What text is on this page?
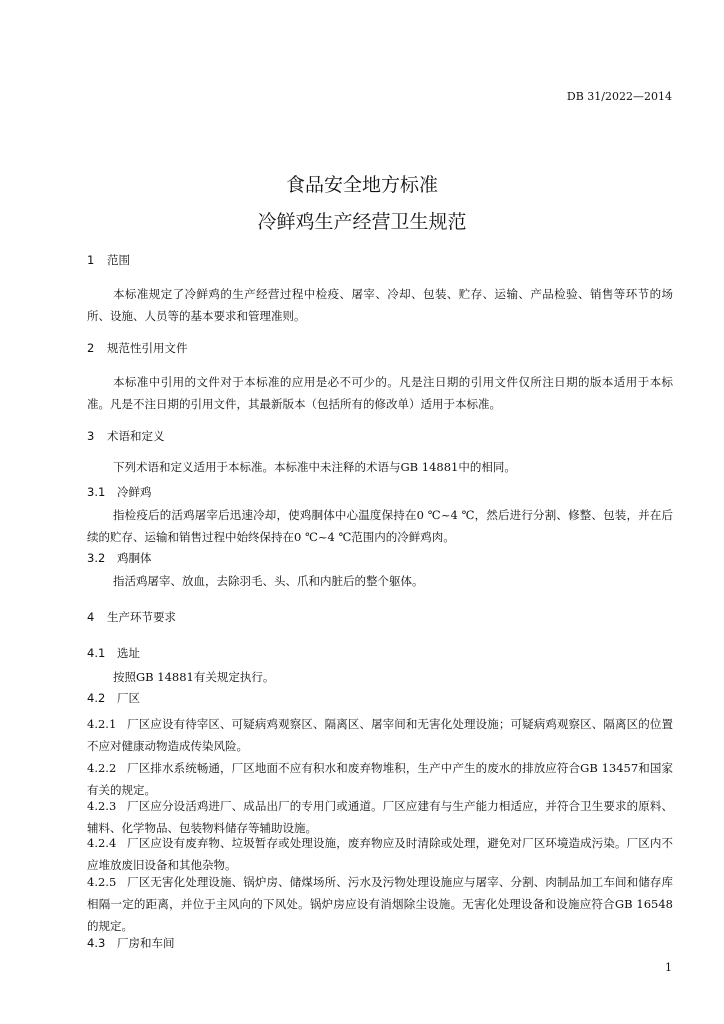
DB 31/2022—2014
食品安全地方标准
冷鲜鸡生产经营卫生规范
1 范围
本标准规定了冷鲜鸡的生产经营过程中检疫、屠宰、冷却、包装、贮存、运输、产品检验、销售等环节的场所、设施、人员等的基本要求和管理准则。
2 规范性引用文件
本标准中引用的文件对于本标准的应用是必不可少的。凡是注日期的引用文件仅所注日期的版本适用于本标准。凡是不注日期的引用文件，其最新版本（包括所有的修改单）适用于本标准。
3 术语和定义
下列术语和定义适用于本标准。本标准中未注释的术语与GB 14881中的相同。
3.1 冷鲜鸡
指检疫后的活鸡屠宰后迅速冷却，使鸡胴体中心温度保持在0 ℃~4 ℃，然后进行分割、修整、包装，并在后续的贮存、运输和销售过程中始终保持在0 ℃~4 ℃范围内的冷鲜鸡肉。
3.2 鸡胴体
指活鸡屠宰、放血，去除羽毛、头、爪和内脏后的整个躯体。
4 生产环节要求
4.1 选址
按照GB 14881有关规定执行。
4.2 厂区
4.2.1 厂区应设有待宰区、可疑病鸡观察区、隔离区、屠宰间和无害化处理设施；可疑病鸡观察区、隔离区的位置不应对健康动物造成传染风险。
4.2.2 厂区排水系统畅通，厂区地面不应有积水和废弃物堆积，生产中产生的废水的排放应符合GB 13457和国家有关的规定。
4.2.3 厂区应分设活鸡进厂、成品出厂的专用门或通道。厂区应建有与生产能力相适应，并符合卫生要求的原料、辅料、化学物品、包装物料储存等辅助设施。
4.2.4 厂区应设有废弃物、垃圾暂存或处理设施，废弃物应及时清除或处理，避免对厂区环境造成污染。厂区内不应堆放废旧设备和其他杂物。
4.2.5 厂区无害化处理设施、锅炉房、储煤场所、污水及污物处理设施应与屠宰、分割、肉制品加工车间和储存库相隔一定的距离，并位于主风向的下风处。锅炉房应设有消烟除尘设施。无害化处理设备和设施应符合GB 16548的规定。
4.3 厂房和车间
1
